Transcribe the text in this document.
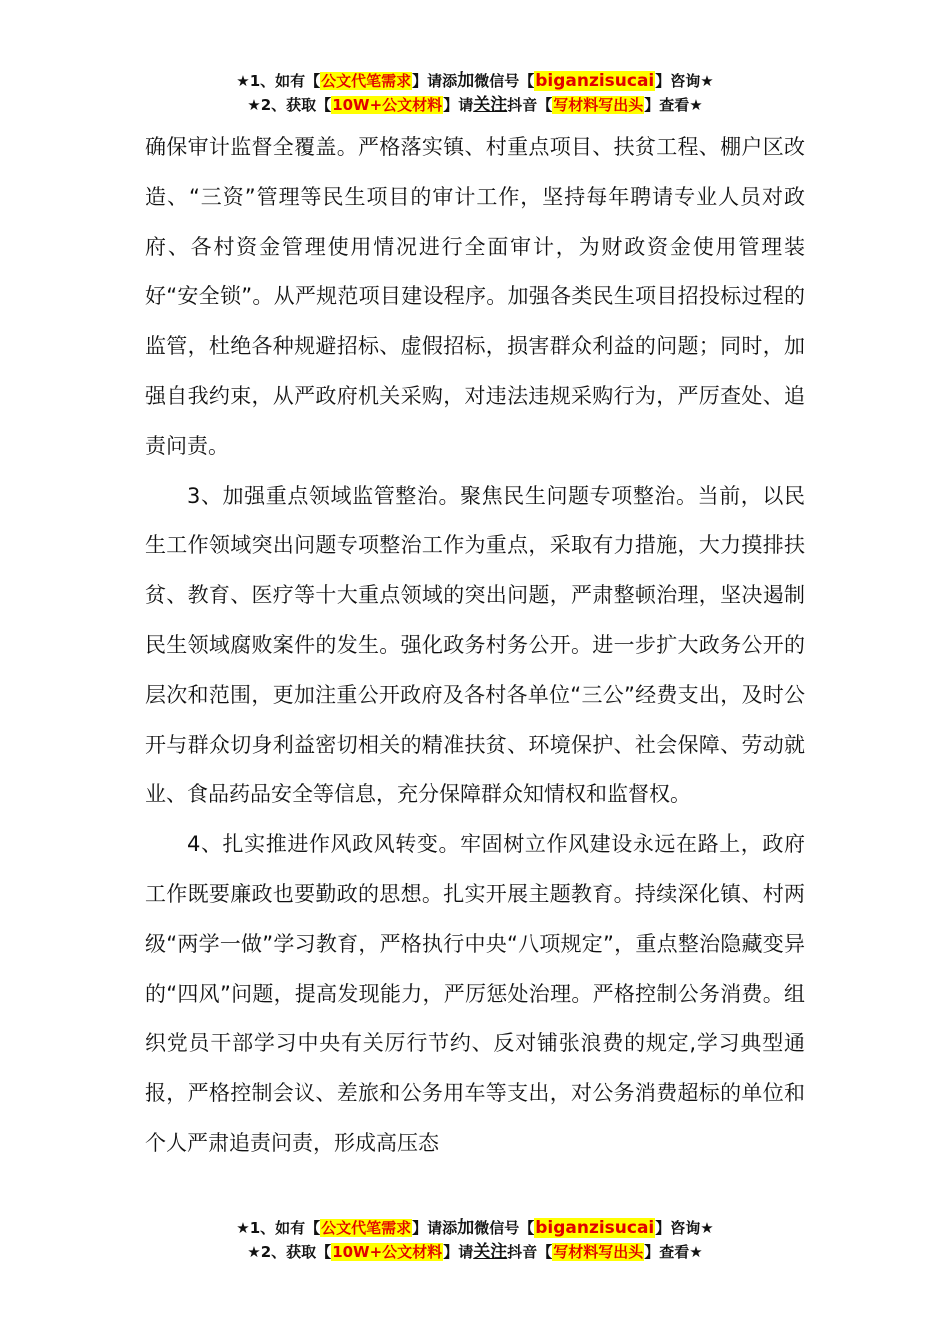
★1、如有【公文代笔需求】请添加微信号【biganzisucai】咨询★
★2、获取【10W+公文材料】请关注抖音【写材料写出头】查看★

确保审计监督全覆盖。严格落实镇、村重点项目、扶贫工程、棚户区改造、“三资”管理等民生项目的审计工作，坚持每年聘请专业人员对政府、各村资金管理使用情况进行全面审计，为财政资金使用管理装好“安全锁”。从严规范项目建设程序。加强各类民生项目招投标过程的监管，杜绝各种规避招标、虚假招标，损害群众利益的问题；同时，加强自我约束，从严政府机关采购，对违法违规采购行为，严厉查处、追责问责。

3、加强重点领域监管整治。聚焦民生问题专项整治。当前，以民生工作领域突出问题专项整治工作为重点，采取有力措施，大力摸排扶贫、教育、医疗等十大重点领域的突出问题，严肃整顿治理，坚决遏制民生领域腐败案件的发生。强化政务村务公开。进一步扩大政务公开的层次和范围，更加注重公开政府及各村各单位“三公”经费支出，及时公开与群众切身利益密切相关的精准扶贫、环境保护、社会保障、劳动就业、食品药品安全等信息，充分保障群众知情权和监督权。

4、扎实推进作风政风转变。牢固树立作风建设永远在路上，政府工作既要廉政也要勤政的思想。扎实开展主题教育。持续深化镇、村两级“两学一做”学习教育，严格执行中央“八项规定”，重点整治隐藏变异的“四风”问题，提高发现能力，严厉惩处治理。严格控制公务消费。组织党员干部学习中央有关厉行节约、反对铺张浪费的规定,学习典型通报，严格控制会议、差旅和公务用车等支出，对公务消费超标的单位和个人严肃追责问责，形成高压态

★1、如有【公文代笔需求】请添加微信号【biganzisucai】咨询★
★2、获取【10W+公文材料】请关注抖音【写材料写出头】查看★
